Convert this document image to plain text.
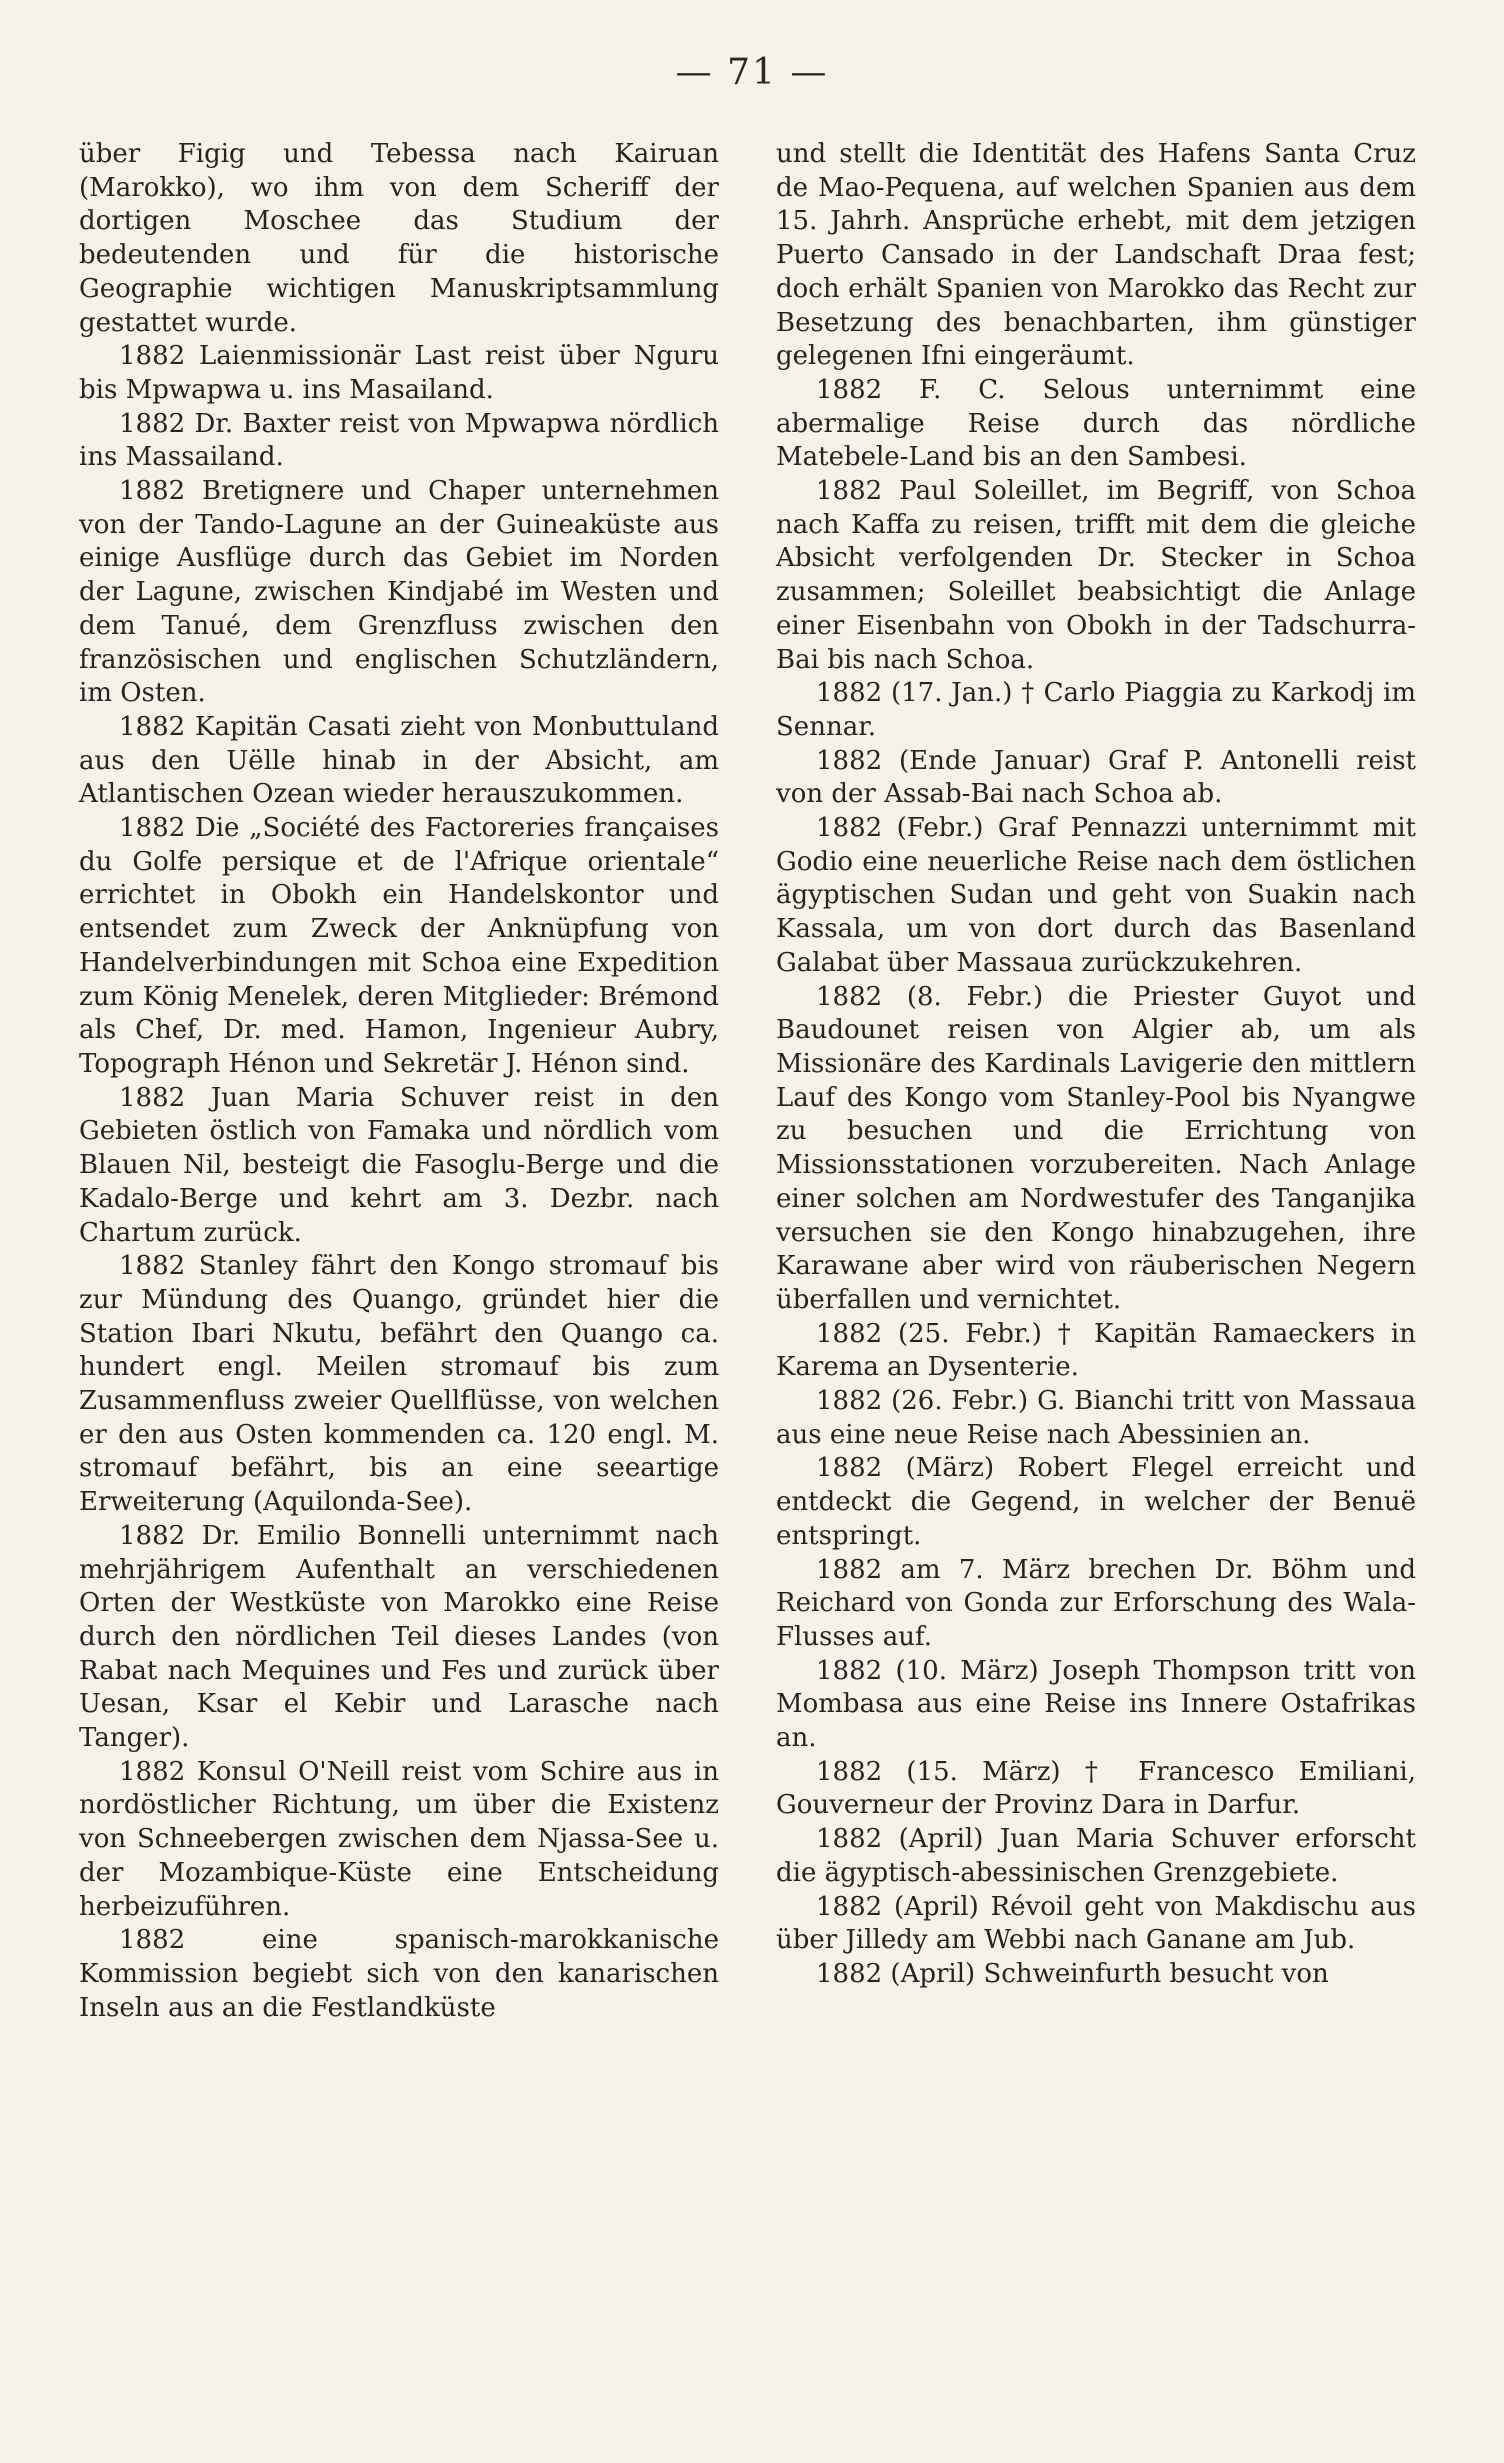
— 71 —

über Figig und Tebessa nach Kairuan (Marokko), wo ihm von dem Scheriff der dortigen Moschee das Studium der bedeutenden und für die historische Geographie wichtigen Manuskriptsammlung gestattet wurde.

1882 Laienmissionär Last reist über Nguru bis Mpwapwa u. ins Masailand.

1882 Dr. Baxter reist von Mpwapwa nördlich ins Massailand.

1882 Bretignere und Chaper unternehmen von der Tando-Lagune an der Guineaküste aus einige Ausflüge durch das Gebiet im Norden der Lagune, zwischen Kindjabé im Westen und dem Tanué, dem Grenzfluss zwischen den französischen und englischen Schutzländern, im Osten.

1882 Kapitän Casati zieht von Monbuttuland aus den Uëlle hinab in der Absicht, am Atlantischen Ozean wieder herauszukommen.

1882 Die „Société des Factoreries françaises du Golfe persique et de l'Afrique orientale“ errichtet in Obokh ein Handelskontor und entsendet zum Zweck der Anknüpfung von Handelverbindungen mit Schoa eine Expedition zum König Menelek, deren Mitglieder: Brémond als Chef, Dr. med. Hamon, Ingenieur Aubry, Topograph Hénon und Sekretär J. Hénon sind.

1882 Juan Maria Schuver reist in den Gebieten östlich von Famaka und nördlich vom Blauen Nil, besteigt die Fasoglu-Berge und die Kadalo-Berge und kehrt am 3. Dezbr. nach Chartum zurück.

1882 Stanley fährt den Kongo stromauf bis zur Mündung des Quango, gründet hier die Station Ibari Nkutu, befährt den Quango ca. hundert engl. Meilen stromauf bis zum Zusammenfluss zweier Quellflüsse, von welchen er den aus Osten kommenden ca. 120 engl. M. stromauf befährt, bis an eine seeartige Erweiterung (Aquilonda-See).

1882 Dr. Emilio Bonnelli unternimmt nach mehrjährigem Aufenthalt an verschiedenen Orten der Westküste von Marokko eine Reise durch den nördlichen Teil dieses Landes (von Rabat nach Mequines und Fes und zurück über Uesan, Ksar el Kebir und Larasche nach Tanger).

1882 Konsul O'Neill reist vom Schire aus in nordöstlicher Richtung, um über die Existenz von Schneebergen zwischen dem Njassa-See u. der Mozambique-Küste eine Entscheidung herbeizuführen.

1882 eine spanisch-marokkanische Kommission begiebt sich von den kanarischen Inseln aus an die Festlandküste

und stellt die Identität des Hafens Santa Cruz de Mao-Pequena, auf welchen Spanien aus dem 15. Jahrh. Ansprüche erhebt, mit dem jetzigen Puerto Cansado in der Landschaft Draa fest; doch erhält Spanien von Marokko das Recht zur Besetzung des benachbarten, ihm günstiger gelegenen Ifni eingeräumt.

1882 F. C. Selous unternimmt eine abermalige Reise durch das nördliche Matebele-Land bis an den Sambesi.

1882 Paul Soleillet, im Begriff, von Schoa nach Kaffa zu reisen, trifft mit dem die gleiche Absicht verfolgenden Dr. Stecker in Schoa zusammen; Soleillet beabsichtigt die Anlage einer Eisenbahn von Obokh in der Tadschurra-Bai bis nach Schoa.

1882 (17. Jan.) † Carlo Piaggia zu Karkodj im Sennar.

1882 (Ende Januar) Graf P. Antonelli reist von der Assab-Bai nach Schoa ab.

1882 (Febr.) Graf Pennazzi unternimmt mit Godio eine neuerliche Reise nach dem östlichen ägyptischen Sudan und geht von Suakin nach Kassala, um von dort durch das Basenland Galabat über Massaua zurückzukehren.

1882 (8. Febr.) die Priester Guyot und Baudounet reisen von Algier ab, um als Missionäre des Kardinals Lavigerie den mittlern Lauf des Kongo vom Stanley-Pool bis Nyangwe zu besuchen und die Errichtung von Missionsstationen vorzubereiten. Nach Anlage einer solchen am Nordwestufer des Tanganjika versuchen sie den Kongo hinabzugehen, ihre Karawane aber wird von räuberischen Negern überfallen und vernichtet.

1882 (25. Febr.) † Kapitän Ramaeckers in Karema an Dysenterie.

1882 (26. Febr.) G. Bianchi tritt von Massaua aus eine neue Reise nach Abessinien an.

1882 (März) Robert Flegel erreicht und entdeckt die Gegend, in welcher der Benuë entspringt.

1882 am 7. März brechen Dr. Böhm und Reichard von Gonda zur Erforschung des Wala-Flusses auf.

1882 (10. März) Joseph Thompson tritt von Mombasa aus eine Reise ins Innere Ostafrikas an.

1882 (15. März) † Francesco Emiliani, Gouverneur der Provinz Dara in Darfur.

1882 (April) Juan Maria Schuver erforscht die ägyptisch-abessinischen Grenzgebiete.

1882 (April) Révoil geht von Makdischu aus über Jilledy am Webbi nach Ganane am Jub.

1882 (April) Schweinfurth besucht von
